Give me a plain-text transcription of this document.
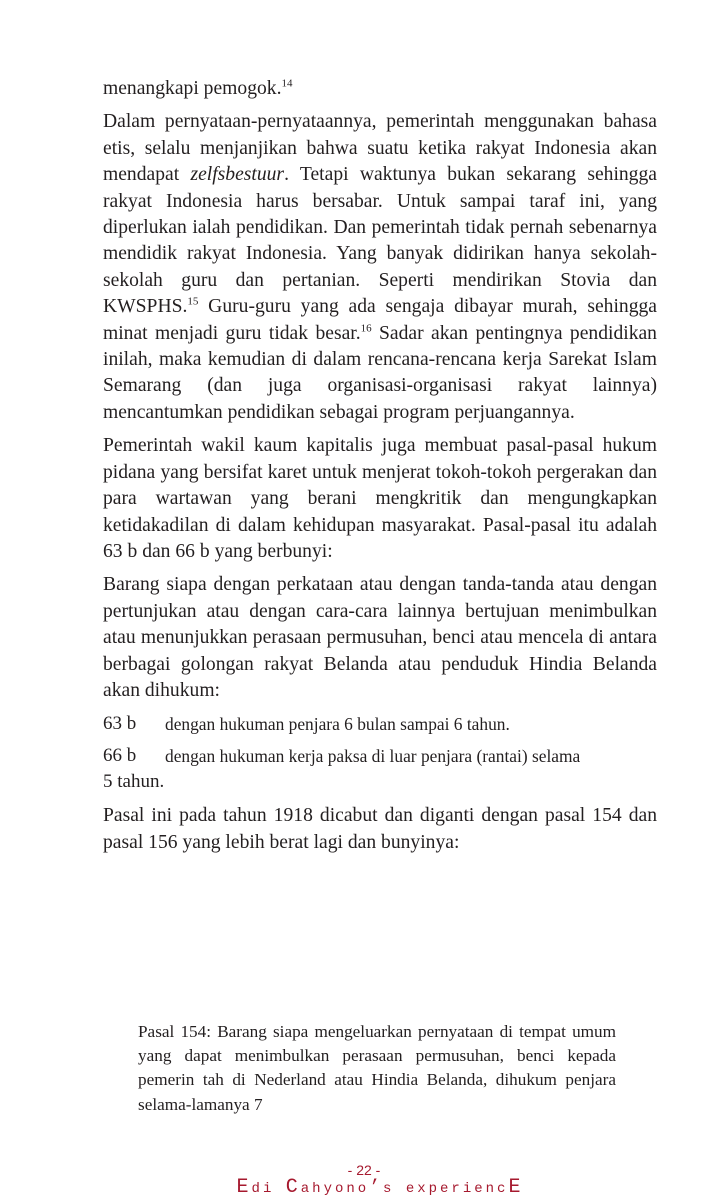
menangkapi pemogok.$^{14}$

Dalam pernyataan-pernyataannya, pemerintah menggunakan bahasa etis, selalu menjanjikan bahwa suatu ketika rakyat Indonesia akan mendapat zelfsbestuur. Tetapi waktunya bukan sekarang sehingga rakyat Indonesia harus bersabar. Untuk sampai taraf ini, yang diperlukan ialah pendidikan. Dan pemerintah tidak pernah sebenarnya mendidik rakyat Indonesia. Yang banyak didirikan hanya sekolah-sekolah guru dan pertanian. Seperti mendirikan Stovia dan KWSPHS.$^{15}$ Guru-guru yang ada sengaja dibayar murah, sehingga minat menjadi guru tidak besar.$^{16}$ Sadar akan pentingnya pendidikan inilah, maka kemudian di dalam rencana-rencana kerja Sarekat Islam Semarang (dan juga organisasi-organisasi rakyat lainnya) mencantumkan pendidikan sebagai program perjuangannya.

Pemerintah wakil kaum kapitalis juga membuat pasal-pasal hukum pidana yang bersifat karet untuk menjerat tokoh-tokoh pergerakan dan para wartawan yang berani mengkritik dan mengungkapkan ketidakadilan di dalam kehidupan masyarakat. Pasal-pasal itu adalah 63 b dan 66 b yang berbunyi:

Barang siapa dengan perkataan atau dengan tanda-tanda atau dengan pertunjukan atau dengan cara-cara lainnya bertujuan menimbulkan atau menunjukkan perasaan permusuhan, benci atau mencela di antara berbagai golongan rakyat Belanda atau penduduk Hindia Belanda akan dihukum:

63 b	dengan hukuman penjara 6 bulan sampai 6 tahun.
66 b	dengan hukuman kerja paksa di luar penjara (rantai) selama
5 tahun.

Pasal ini pada tahun 1918 dicabut dan diganti dengan pasal 154 dan pasal 156 yang lebih berat lagi dan bunyinya:

Pasal 154: Barang siapa mengeluarkan pernyataan di tempat umum yang dapat menimbulkan perasaan permusuhan, benci kepada pemerin tah di Nederland atau Hindia Belanda, dihukum penjara selama-lamanya 7

- 22 -
Edi Cahyono’s experiencE
